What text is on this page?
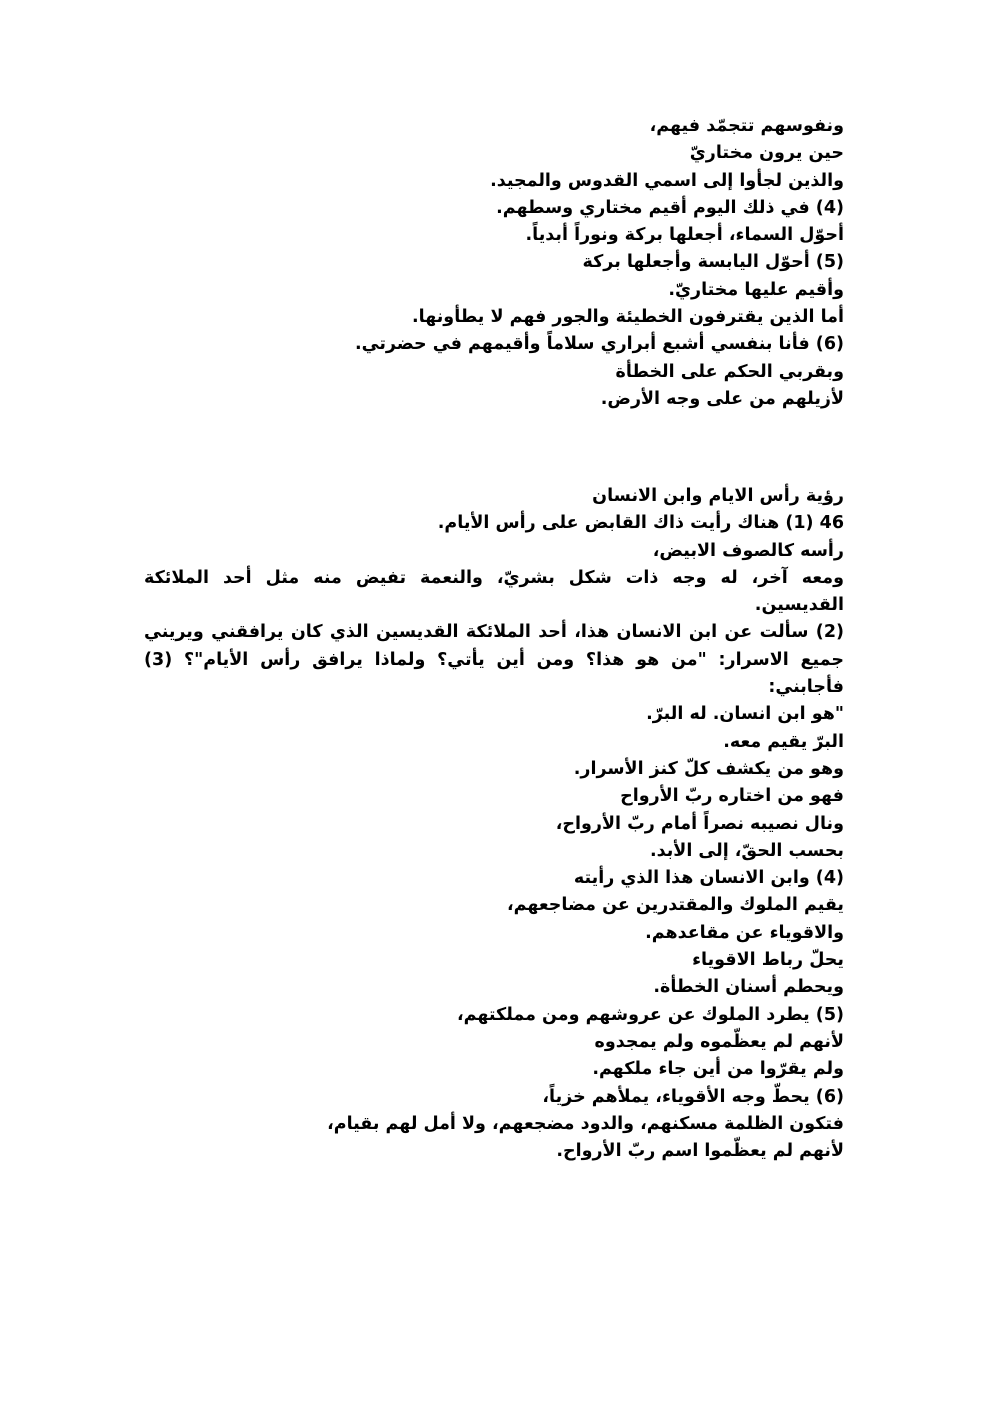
ونفوسهم تتجمّد فيهم،
حين يرون مختاريّ
والذين لجأوا إلى اسمي القدوس والمجيد.
(4) في ذلك اليوم أقيم مختاري وسطهم.
أحوّل السماء، أجعلها بركة ونوراً أبدياً.
(5) أحوّل اليابسة وأجعلها بركة
وأقيم عليها مختاريّ.
أما الذين يقترفون الخطيئة والجور فهم لا يطأونها.
(6) فأنا بنفسي أشبع أبراري سلاماً وأقيمهم في حضرتي.
وبقربي الحكم على الخطأة
لأزيلهم من على وجه الأرض.
رؤية رأس الايام وابن الانسان
46 (1) هناك رأيت ذاك القابض على رأس الأيام.
رأسه كالصوف الابيض،
ومعه آخر، له وجه ذات شكل بشريّ، والنعمة تفيض منه مثل أحد الملائكة
القديسين.
(2) سألت عن ابن الانسان هذا، أحد الملائكة القديسين الذي كان يرافقني ويريني
جميع الاسرار: "من هو هذا؟ ومن أين يأتي؟ ولماذا يرافق رأس الأيام"؟ (3)
فأجابني:
"هو ابن انسان. له البرّ.
البرّ يقيم معه.
وهو من يكشف كلّ كنز الأسرار.
فهو من اختاره ربّ الأرواح
ونال نصيبه نصراً أمام ربّ الأرواح،
بحسب الحقّ، إلى الأبد.
(4) وابن الانسان هذا الذي رأيته
يقيم الملوك والمقتدرين عن مضاجعهم،
والاقوياء عن مقاعدهم.
يحلّ رباط الاقوياء
ويحطم أسنان الخطأة.
(5) يطرد الملوك عن عروشهم ومن مملكتهم،
لأنهم لم يعظّموه ولم يمجدوه
ولم يقرّوا من أين جاء ملكهم.
(6) يحطّ وجه الأقوياء، يملأهم خزياً،
فتكون الظلمة مسكنهم، والدود مضجعهم، ولا أمل لهم بقيام،
لأنهم لم يعظّموا اسم ربّ الأرواح.
